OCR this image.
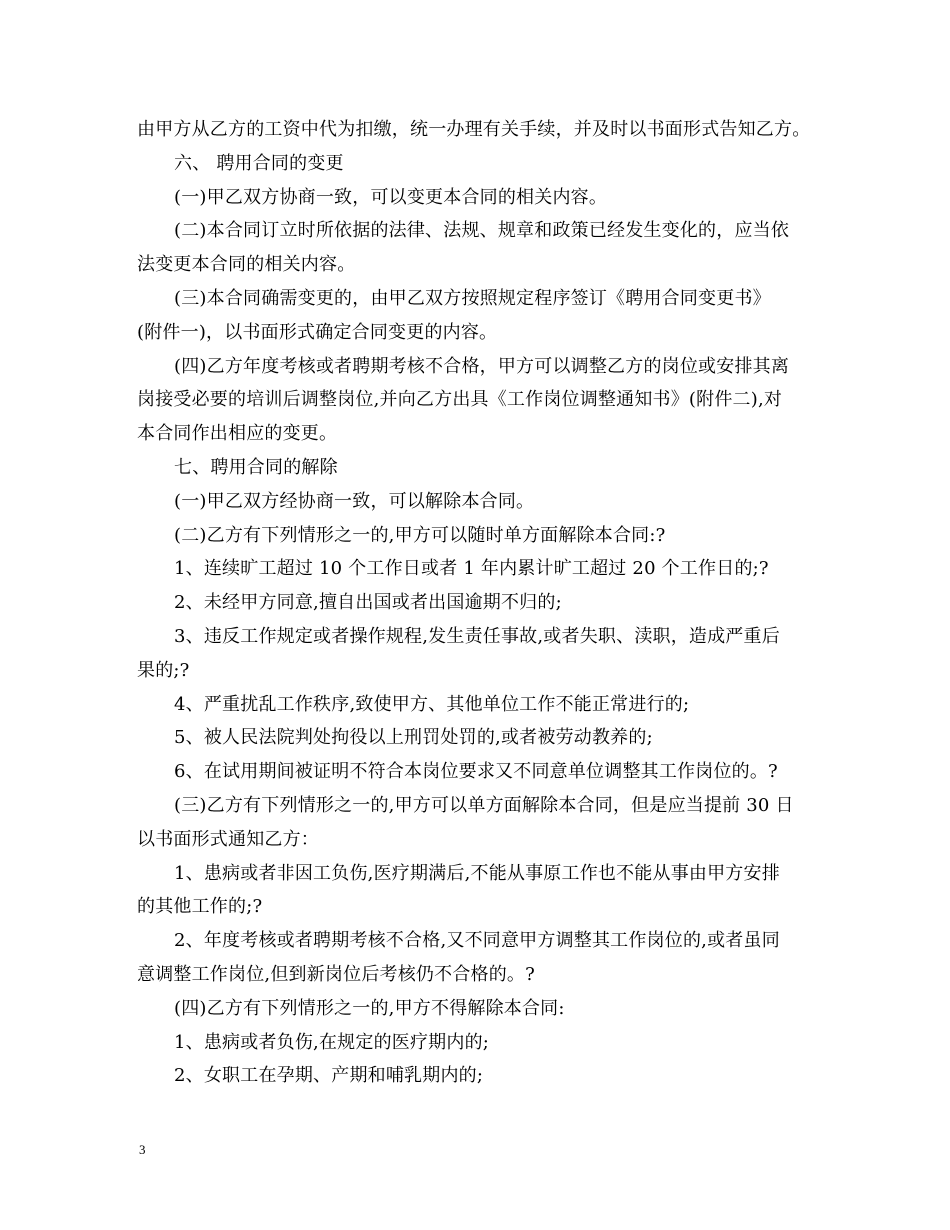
由甲方从乙方的工资中代为扣缴，统一办理有关手续，并及时以书面形式告知乙方。
六、 聘用合同的变更
(一)甲乙双方协商一致，可以变更本合同的相关内容。
(二)本合同订立时所依据的法律、法规、规章和政策已经发生变化的，应当依
法变更本合同的相关内容。
(三)本合同确需变更的，由甲乙双方按照规定程序签订《聘用合同变更书》
(附件一)，以书面形式确定合同变更的内容。
(四)乙方年度考核或者聘期考核不合格，甲方可以调整乙方的岗位或安排其离
岗接受必要的培训后调整岗位,并向乙方出具《工作岗位调整通知书》(附件二),对
本合同作出相应的变更。
七、聘用合同的解除
(一)甲乙双方经协商一致，可以解除本合同。
(二)乙方有下列情形之一的,甲方可以随时单方面解除本合同:?
1、连续旷工超过 10 个工作日或者 1 年内累计旷工超过 20 个工作日的;?
2、未经甲方同意,擅自出国或者出国逾期不归的;
3、违反工作规定或者操作规程,发生责任事故,或者失职、渎职，造成严重后
果的;?
4、严重扰乱工作秩序,致使甲方、其他单位工作不能正常进行的;
5、被人民法院判处拘役以上刑罚处罚的,或者被劳动教养的;
6、在试用期间被证明不符合本岗位要求又不同意单位调整其工作岗位的。?
(三)乙方有下列情形之一的,甲方可以单方面解除本合同，但是应当提前 30 日
以书面形式通知乙方：
1、患病或者非因工负伤,医疗期满后,不能从事原工作也不能从事由甲方安排
的其他工作的;?
2、年度考核或者聘期考核不合格,又不同意甲方调整其工作岗位的,或者虽同
意调整工作岗位,但到新岗位后考核仍不合格的。?
(四)乙方有下列情形之一的,甲方不得解除本合同:
1、患病或者负伤,在规定的医疗期内的;
2、女职工在孕期、产期和哺乳期内的;
3
